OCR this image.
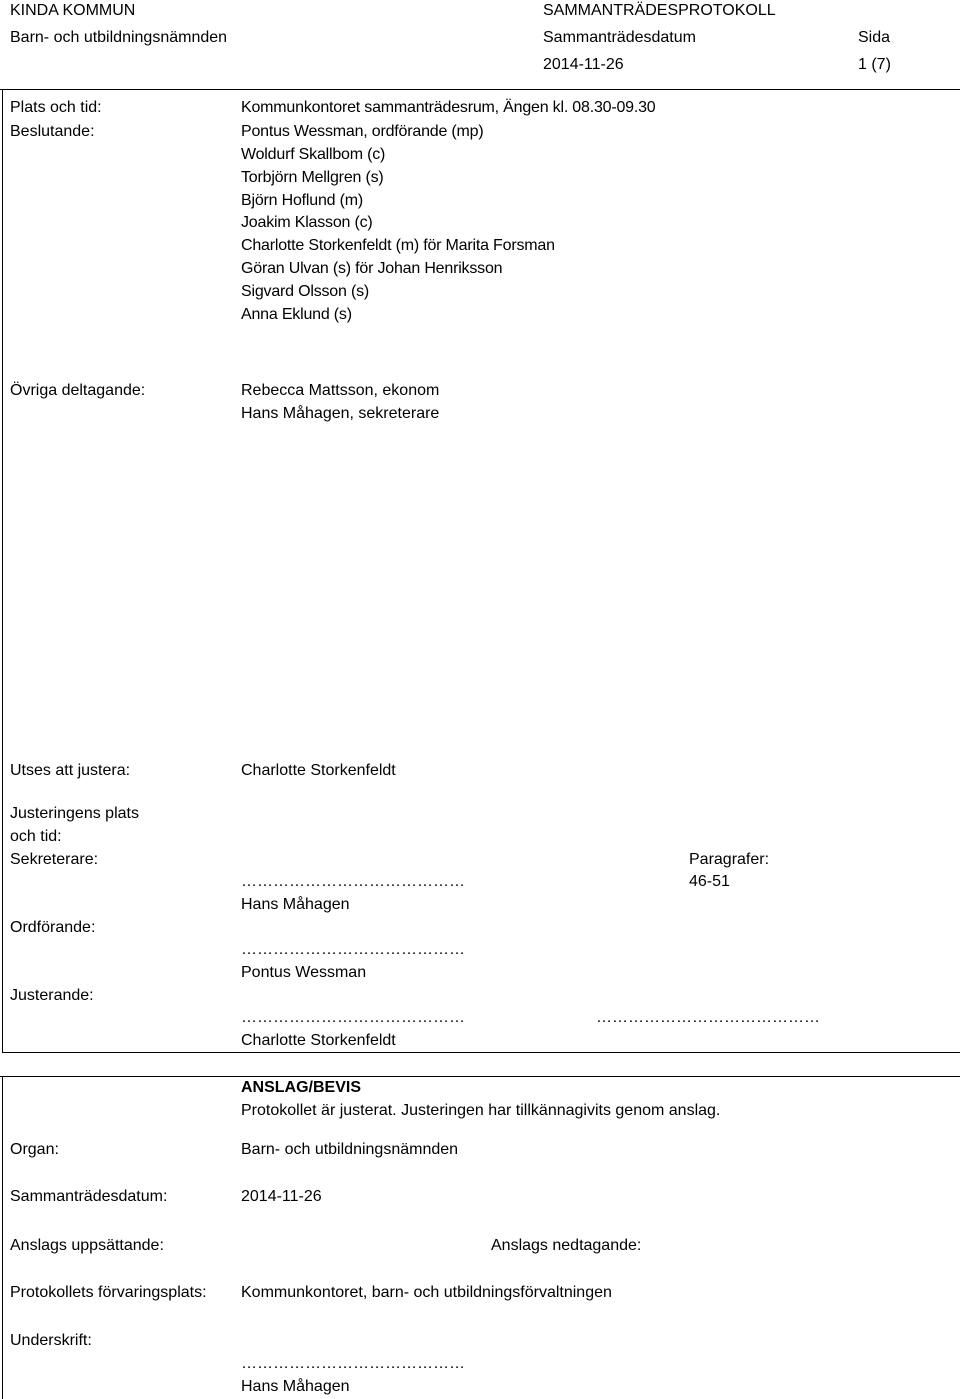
KINDA KOMMUN	SAMMANTRÄDESPROTOKOLL
Barn- och utbildningsnämnden	Sammanträdesdatum	Sida
2014-11-26	1 (7)
Plats och tid:	Kommunkontoret sammanträdesrum, Ängen kl. 08.30-09.30
Beslutande:	Pontus Wessman, ordförande (mp)
Woldurf Skallbom (c)
Torbjörn Mellgren (s)
Björn Hoflund (m)
Joakim Klasson (c)
Charlotte Storkenfeldt (m) för Marita Forsman
Göran Ulvan (s) för Johan Henriksson
Sigvard Olsson (s)
Anna Eklund (s)
Övriga deltagande:	Rebecca Mattsson, ekonom
Hans Måhagen, sekreterare
Utses att justera:	Charlotte Storkenfeldt
Justeringens plats
och tid:
Sekreterare:	Paragrafer:
……………………………………	46-51
Hans Måhagen
Ordförande:
……………………………………
Pontus Wessman
Justerande:
……………………………………	……………………………………
Charlotte Storkenfeldt
ANSLAG/BEVIS
Protokollet är justerat. Justeringen har tillkännagivits genom anslag.
Organ:	Barn- och utbildningsnämnden
Sammanträdesdatum:	2014-11-26
Anslags uppsättande:	Anslags nedtagande:
Protokollets förvaringsplats: Kommunkontoret, barn- och utbildningsförvaltningen
Underskrift:
……………………………………
Hans Måhagen
